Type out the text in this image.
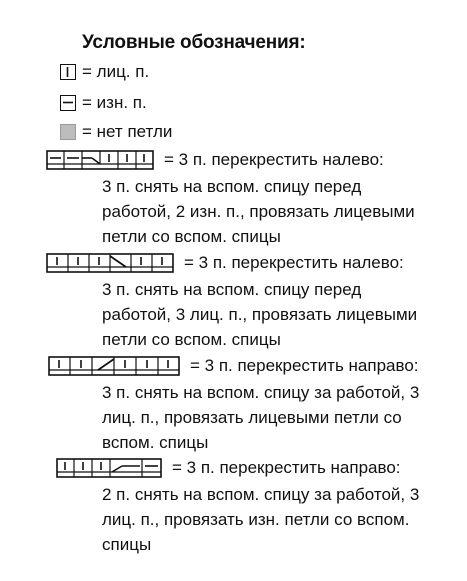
Условные обозначения:
= лиц. п.
= изн. п.
= нет петли
= 3 п. перекрестить налево:
3 п. снять на вспом. спицу перед
работой, 2 изн. п., провязать лицевыми
петли со вспом. спицы
= 3 п. перекрестить налево:
3 п. снять на вспом. спицу перед
работой, 3 лиц. п., провязать лицевыми
петли со вспом. спицы
= 3 п. перекрестить направо:
3 п. снять на вспом. спицу за работой, 3
лиц. п., провязать лицевыми петли со
вспом. спицы
= 3 п. перекрестить направо:
2 п. снять на вспом. спицу за работой, 3
лиц. п., провязать изн. петли со вспом.
спицы
